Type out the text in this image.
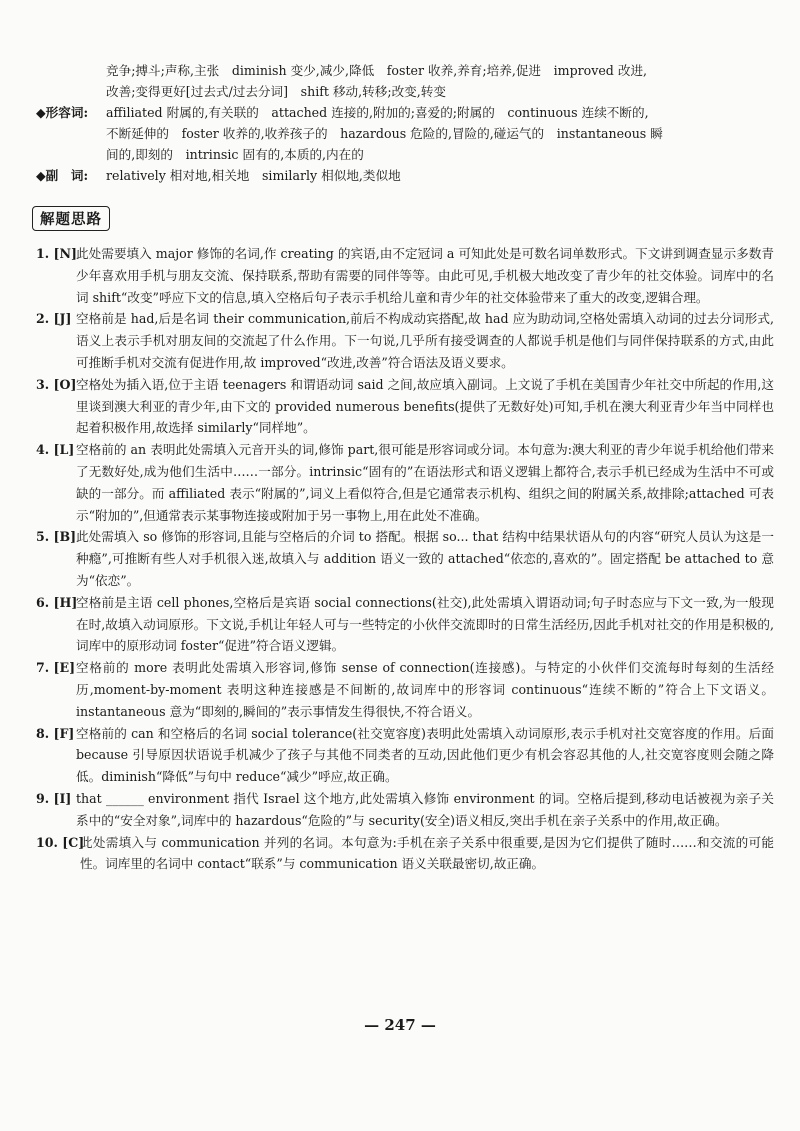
竞争;搏斗;声称,主张　diminish 变少,减少,降低　foster 收养,养育;培养,促进　improved 改进,
改善;变得更好[过去式/过去分词]　shift 移动,转移;改变,转变
◆形容词:	affiliated 附属的,有关联的　attached 连接的,附加的;喜爱的;附属的　continuous 连续不断的,
不断延伸的　foster 收养的,收养孩子的　hazardous 危险的,冒险的,碰运气的　instantaneous 瞬
间的,即刻的　intrinsic 固有的,本质的,内在的
◆副　词:	relatively 相对地,相关地　similarly 相似地,类似地
解题思路
1. [N] 此处需要填入 major 修饰的名词,作 creating 的宾语,由不定冠词 a 可知此处是可数名词单数形式。下文讲到调查显示多数青少年喜欢用手机与朋友交流、保持联系,帮助有需要的同伴等等。由此可见,手机极大地改变了青少年的社交体验。词库中的名词 shift“改变”呼应下文的信息,填入空格后句子表示手机给儿童和青少年的社交体验带来了重大的改变,逻辑合理。
2. [J] 空格前是 had,后是名词 their communication,前后不构成动宾搭配,故 had 应为助动词,空格处需填入动词的过去分词形式,语义上表示手机对朋友间的交流起了什么作用。下一句说,几乎所有接受调查的人都说手机是他们与同伴保持联系的方式,由此可推断手机对交流有促进作用,故 improved“改进,改善”符合语法及语义要求。
3. [O] 空格处为插入语,位于主语 teenagers 和谓语动词 said 之间,故应填入副词。上文说了手机在美国青少年社交中所起的作用,这里谈到澳大利亚的青少年,由下文的 provided numerous benefits(提供了无数好处)可知,手机在澳大利亚青少年当中同样也起着积极作用,故选择 similarly“同样地”。
4. [L] 空格前的 an 表明此处需填入元音开头的词,修饰 part,很可能是形容词或分词。本句意为:澳大利亚的青少年说手机给他们带来了无数好处,成为他们生活中……一部分。intrinsic“固有的”在语法形式和语义逻辑上都符合,表示手机已经成为生活中不可或缺的一部分。而 affiliated 表示“附属的”,词义上看似符合,但是它通常表示机构、组织之间的附属关系,故排除;attached 可表示“附加的”,但通常表示某事物连接或附加于另一事物上,用在此处不准确。
5. [B] 此处需填入 so 修饰的形容词,且能与空格后的介词 to 搭配。根据 so... that 结构中结果状语从句的内容“研究人员认为这是一种瘾”,可推断有些人对手机很入迷,故填入与 addition 语义一致的 attached“依恋的,喜欢的”。固定搭配 be attached to 意为“依恋”。
6. [H]
空格前是主语 cell phones,空格后是宾语 social connections(社交),此处需填入谓语动词;句子时态应与下文一致,为一般现在时,故填入动词原形。下文说,手机让年轻人可与一些特定的小伙伴交流即时的日常生活经历,因此手机对社交的作用是积极的,词库中的原形动词 foster“促进”符合语义逻辑。
7. [E] 空格前的 more 表明此处需填入形容词,修饰 sense of connection(连接感)。与特定的小伙伴们交流每时每刻的生活经历,moment-by-moment 表明这种连接感是不间断的,故词库中的形容词 continuous“连续不断的”符合上下文语义。instantaneous 意为“即刻的,瞬间的”表示事情发生得很快,不符合语义。
8. [F] 空格前的 can 和空格后的名词 social tolerance(社交宽容度)表明此处需填入动词原形,表示手机对社交宽容度的作用。后面 because 引导原因状语说手机减少了孩子与其他不同类者的互动,因此他们更少有机会容忍其他的人,社交宽容度则会随之降低。diminish“降低”与句中 reduce“减少”呼应,故正确。
9. [I] that ______ environment 指代 Israel 这个地方,此处需填入修饰 environment 的词。空格后提到,移动电话被视为亲子关系中的“安全对象”,词库中的 hazardous“危险的”与 security(安全)语义相反,突出手机在亲子关系中的作用,故正确。
10. [C]
此处需填入与 communication 并列的名词。本句意为:手机在亲子关系中很重要,是因为它们提供了随时……和交流的可能性。词库里的名词中 contact“联系”与 communication 语义关联最密切,故正确。
— 247 —
